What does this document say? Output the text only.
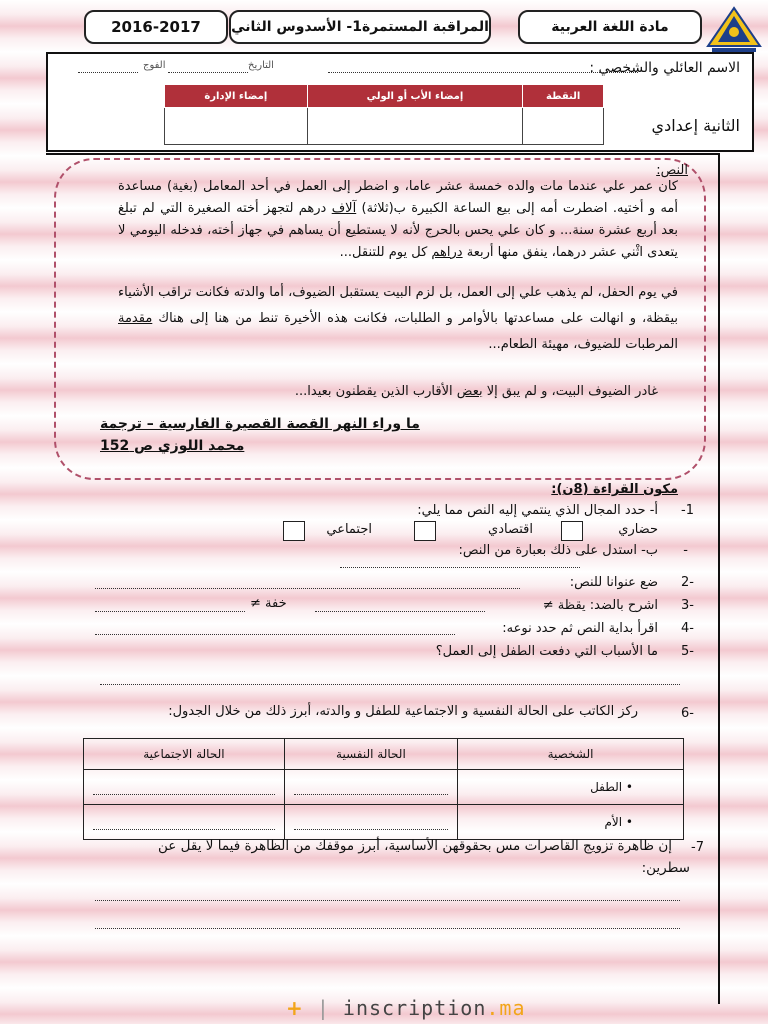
2016-2017	المراقبة المستمرة1- الأسدوس الثاني	مادة اللغة العربية
الاسم العائلي والشخصي :
التاريخ
الفوج
إمضاء الإدارة	إمضاء الأب أو الولي	النقطة

الثانية إعدادي
النص:
كان عمر علي عندما مات والده خمسة عشر عاما، و اضطر إلى العمل في أحد المعامل (بغية) مساعدة أمه و أختيه. اضطرت أمه إلى بيع الساعة الكبيرة ب(ثلاثة) آلاف درهم لتجهز أخته الصغيرة التي لم تبلغ بعد أربع عشرة سنة... و كان علي يحس بالحرج لأنه لا يستطيع أن يساهم في جهاز أخته، فدخله اليومي لا يتعدى اثْني عشر درهما، ينفق منها أربعة دراهم كل يوم للتنقل...
في يوم الحفل، لم يذهب علي إلى العمل، بل لزم البيت يستقبل الضيوف، أما والدته فكانت تراقب الأشياء بيقظة، و انهالت على مساعدتها بالأوامر و الطلبات، فكانت هذه الأخيرة تنط من هنا إلى هناك مقدمة المرطبات للضيوف، مهيئة الطعام...
غادر الضيوف البيت، و لم يبق إلا بعض الأقارب الذين يقطنون بعيدا...
ما وراء النهر القصة القصيرة الفارسية – ترجمة
محمد اللوزي ص 152
مكون القراءة (8ن):
1-
أ- حدد المجال الذي ينتمي إليه النص مما يلي:
حضاري
اقتصادي
اجتماعي
-
ب- استدل على ذلك بعبارة من النص:
-2
ضع عنوانا للنص:
-3
اشرح بالضد: يقظة ≠
خفة ≠
-4
اقرأ بداية النص ثم حدد نوعه:
-5
ما الأسباب التي دفعت الطفل إلى العمل؟
-6
ركز الكاتب على الحالة النفسية و الاجتماعية للطفل و والدته، أبرز ذلك من خلال الجدول:
الشخصية	الحالة النفسية	الحالة الاجتماعية
• الطفل	

• الأم	

7-
إن ظاهرة تزويج القاصرات مس بحقوقهن الأساسية، أبرز موقفك من الظاهرة فيما لا يقل عن
سطرين:
+ | inscription.ma
